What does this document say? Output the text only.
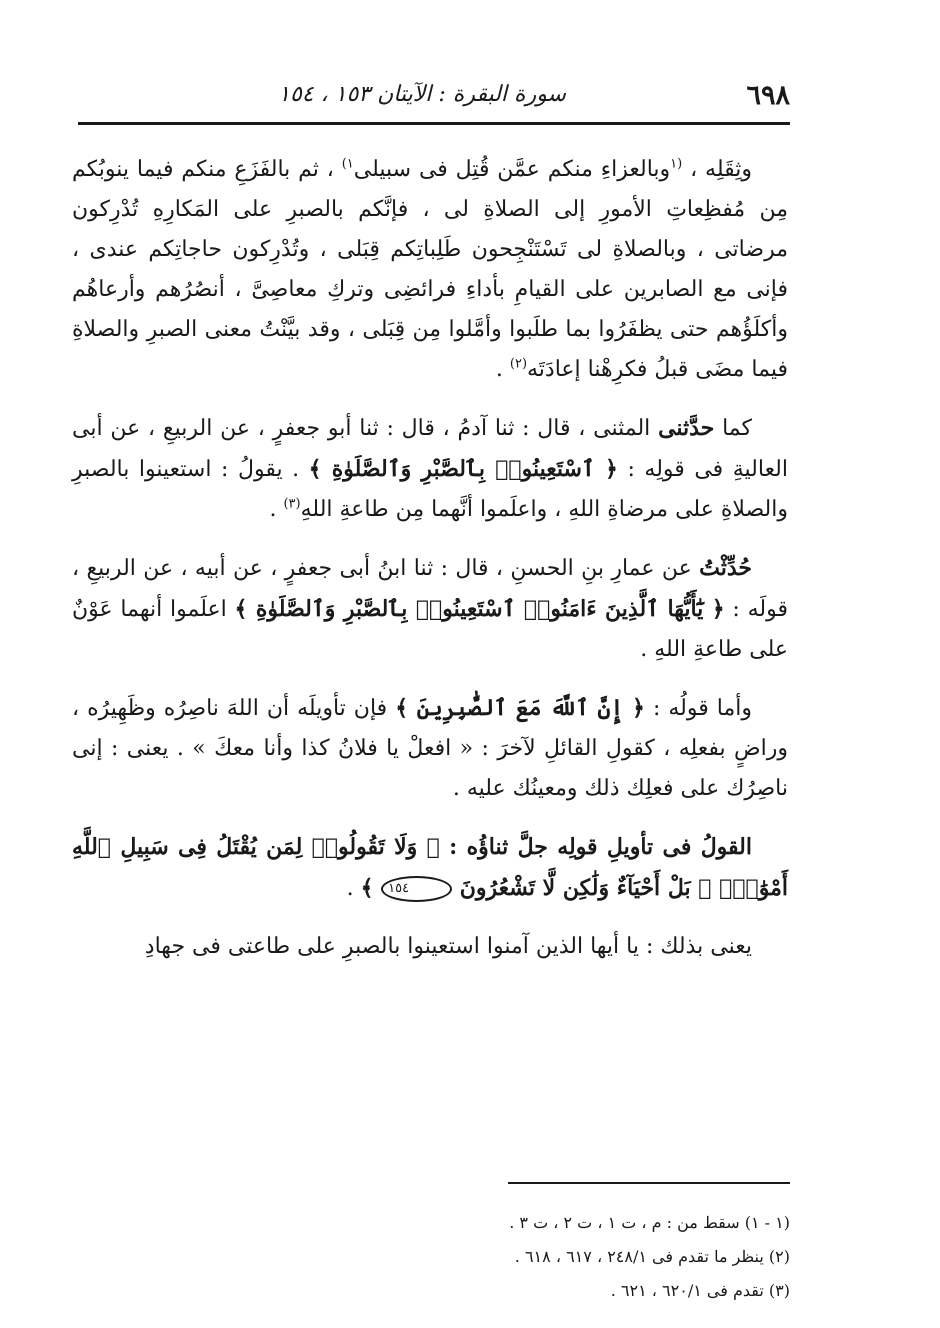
٦٩٨
سورة البقرة : الآيتان ١٥٣ ، ١٥٤

وثِقَلِه ، $^{(١}$وبالعزاءِ منكم عمَّن قُتِل فى سبيلى$^{١)}$ ، ثم بالفَزَعِ منكم فيما ينوبُكم مِن مُفظِعاتِ الأمورِ إلى الصلاةِ لى ، فإنَّكم بالصبرِ على المَكارِهِ تُدْرِكون مرضاتى ، وبالصلاةِ لى تَسْتَنْجِحون طَلِباتِكم قِبَلى ، وتُدْرِكون حاجاتِكم عندى ، فإنى مع الصابرين على القيامِ بأداءِ فرائضِى وتركِ معاصِىَّ ، أنصُرُهم وأرعاهُم وأكلَؤُهم حتى يظفَرُوا بما طلَبوا وأمَّلوا مِن قِبَلى ، وقد بيَّنْتُ معنى الصبرِ والصلاةِ فيما مضَى قبلُ فكرِهْنا إعادَتَه$^{(٢)}$ .

كما حدَّثنى المثنى ، قال : ثنا آدمُ ، قال : ثنا أبو جعفرٍ ، عن الربيعِ ، عن أبى العاليةِ فى قولِه : ﴿ ٱسْتَعِينُوا۟ بِٱلصَّبْرِ وَٱلصَّلَوٰةِ ﴾ . يقولُ : استعينوا بالصبرِ والصلاةِ على مرضاةِ اللهِ ، واعلَموا أنَّهما مِن طاعةِ اللهِ$^{(٣)}$ .

حُدِّثْتُ عن عمارِ بنِ الحسنِ ، قال : ثنا ابنُ أبى جعفرٍ ، عن أبيه ، عن الربيعِ ، قولَه : ﴿ يَٰٓأَيُّهَا ٱلَّذِينَ ءَامَنُوا۟ ٱسْتَعِينُوا۟ بِٱلصَّبْرِ وَٱلصَّلَوٰةِ ﴾ اعلَموا أنهما عَوْنٌ على طاعةِ اللهِ .

وأما قولُه : ﴿ إِنَّ ٱللَّهَ مَعَ ٱلصَّٰبِرِينَ ﴾ فإن تأويلَه أن اللهَ ناصِرُه وظَهِيرُه ، وراضٍ بفعلِه ، كقولِ القائلِ لآخرَ : « افعلْ يا فلانُ كذا وأنا معكَ » . يعنى : إنى ناصِرُك على فعلِك ذلك ومعينُك عليه .

القولُ فى تأويلِ قولِه جلَّ ثناؤُه : ﴿ وَلَا تَقُولُوا۟ لِمَن يُقْتَلُ فِى سَبِيلِ ٱللَّهِ أَمْوَٰتٌۢ ۚ بَلْ أَحْيَآءٌ وَلَٰكِن لَّا تَشْعُرُونَ ١٥٤ ﴾ .

يعنى بذلك : يا أيها الذين آمنوا استعينوا بالصبرِ على طاعتى فى جهادِ

(١ - ١) سقط من : م ، ت ١ ، ت ٢ ، ت ٣ .
(٢) ينظر ما تقدم فى ٢٤٨/١ ، ٦١٧ ، ٦١٨ .
(٣) تقدم فى ٦٢٠/١ ، ٦٢١ .
